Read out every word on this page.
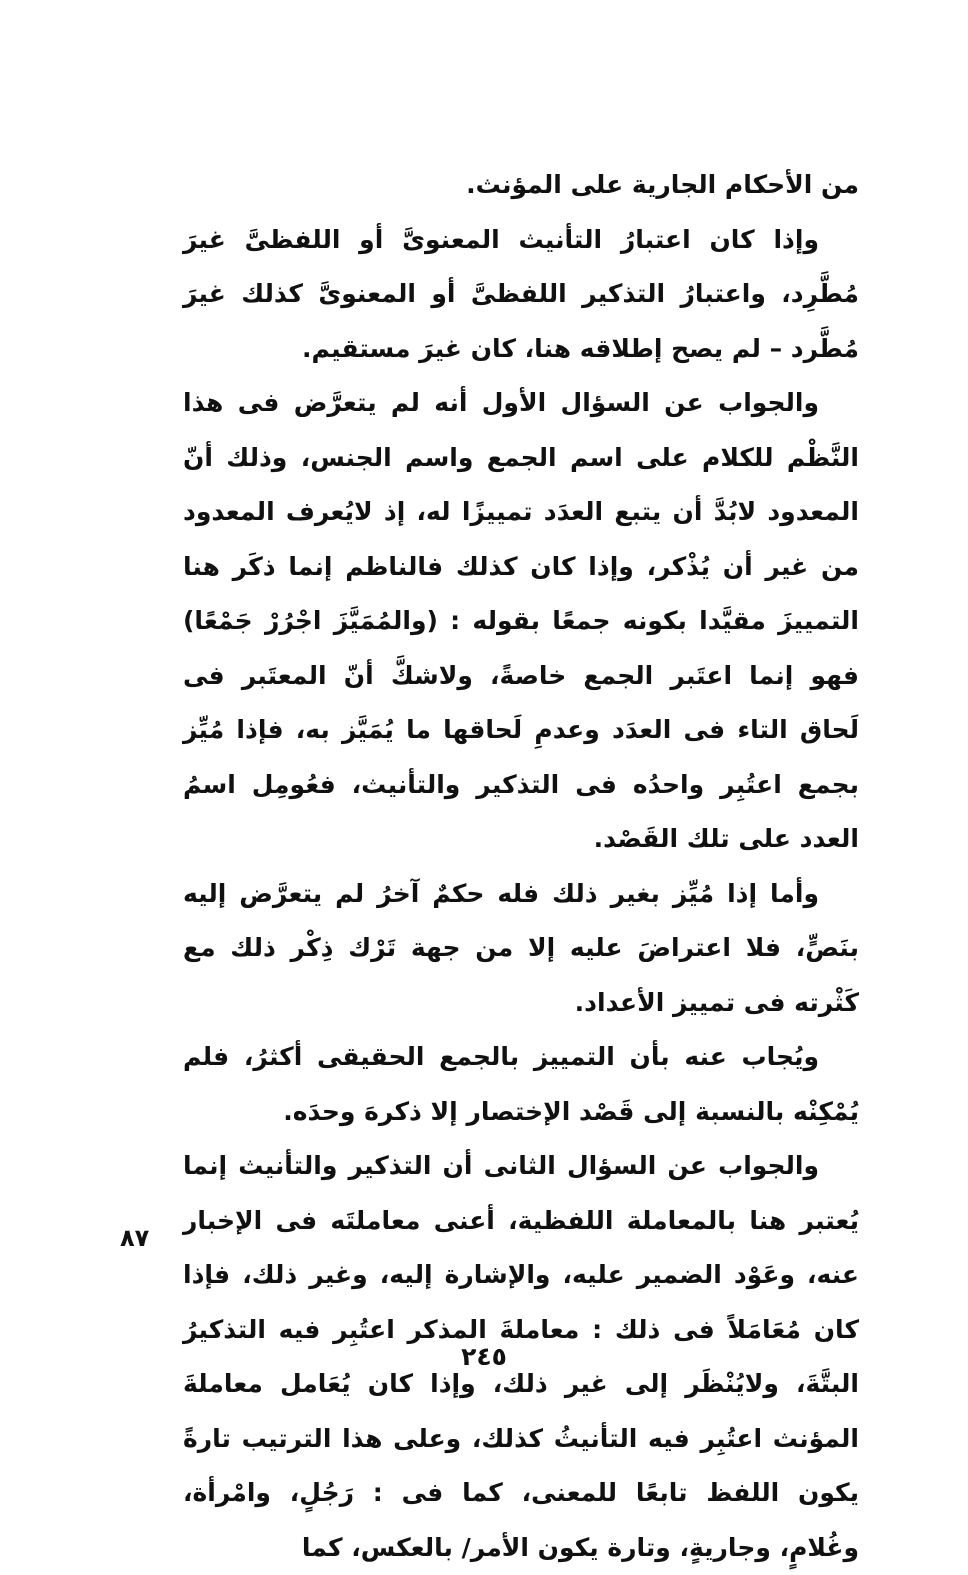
من الأحكام الجارية على المؤنث.

وإذا كان اعتبارُ التأنيث المعنوىَّ أو اللفظىَّ غيرَ مُطَّرِد، واعتبارُ التذكير اللفظىَّ أو المعنوىَّ كذلك غيرَ مُطَّرد – لم يصح إطلاقه هنا، كان غيرَ مستقيم.

والجواب عن السؤال الأول أنه لم يتعرَّض فى هذا النَّظْم للكلام على اسم الجمع واسم الجنس، وذلك أنّ المعدود لابُدَّ أن يتبع العدَد تمييزًا له، إذ لايُعرف المعدود من غير أن يُذْكر، وإذا كان كذلك فالناظم إنما ذكَر هنا التمييزَ مقيَّدا بكونه جمعًا بقوله : (والمُمَيَّزَ اجْرُرْ جَمْعًا) فهو إنما اعتَبر الجمع خاصةً، ولاشكَّ أنّ المعتَبر فى لَحاق التاء فى العدَد وعدمِ لَحاقها ما يُمَيَّز به، فإذا مُيِّز بجمع اعتُبِر واحدُه فى التذكير والتأنيث، فعُومِل اسمُ العدد على تلك القَصْد.

وأما إذا مُيِّز بغير ذلك فله حكمٌ آخرُ لم يتعرَّض إليه بنَصٍّ، فلا اعتراضَ عليه إلا من جهة تَرْك ذِكْر ذلك مع كَثْرته فى تمييز الأعداد.

ويُجاب عنه بأن التمييز بالجمع الحقيقى أكثرُ، فلم يُمْكِنْه بالنسبة إلى قَصْد الإختصار إلا ذكرهَ وحدَه.

والجواب عن السؤال الثانى أن التذكير والتأنيث إنما يُعتبر هنا بالمعاملة اللفظية، أعنى معاملتَه فى الإخبار عنه، وعَوْد الضمير عليه، والإشارة إليه، وغير ذلك، فإذا كان مُعَامَلاً فى ذلك : معاملةَ المذكر اعتُبِر فيه التذكيرُ البتَّةَ، ولايُنْظَر إلى غير ذلك، وإذا كان يُعَامل معاملةَ المؤنث اعتُبِر فيه التأنيثُ كذلك، وعلى هذا الترتيب تارةً يكون اللفظ تابعًا للمعنى، كما فى : رَجُلٍ، وامْرأة، وغُلامٍ، وجاريةٍ، وتارة يكون الأمر/ بالعكس، كما

٨٧
٢٤٥
